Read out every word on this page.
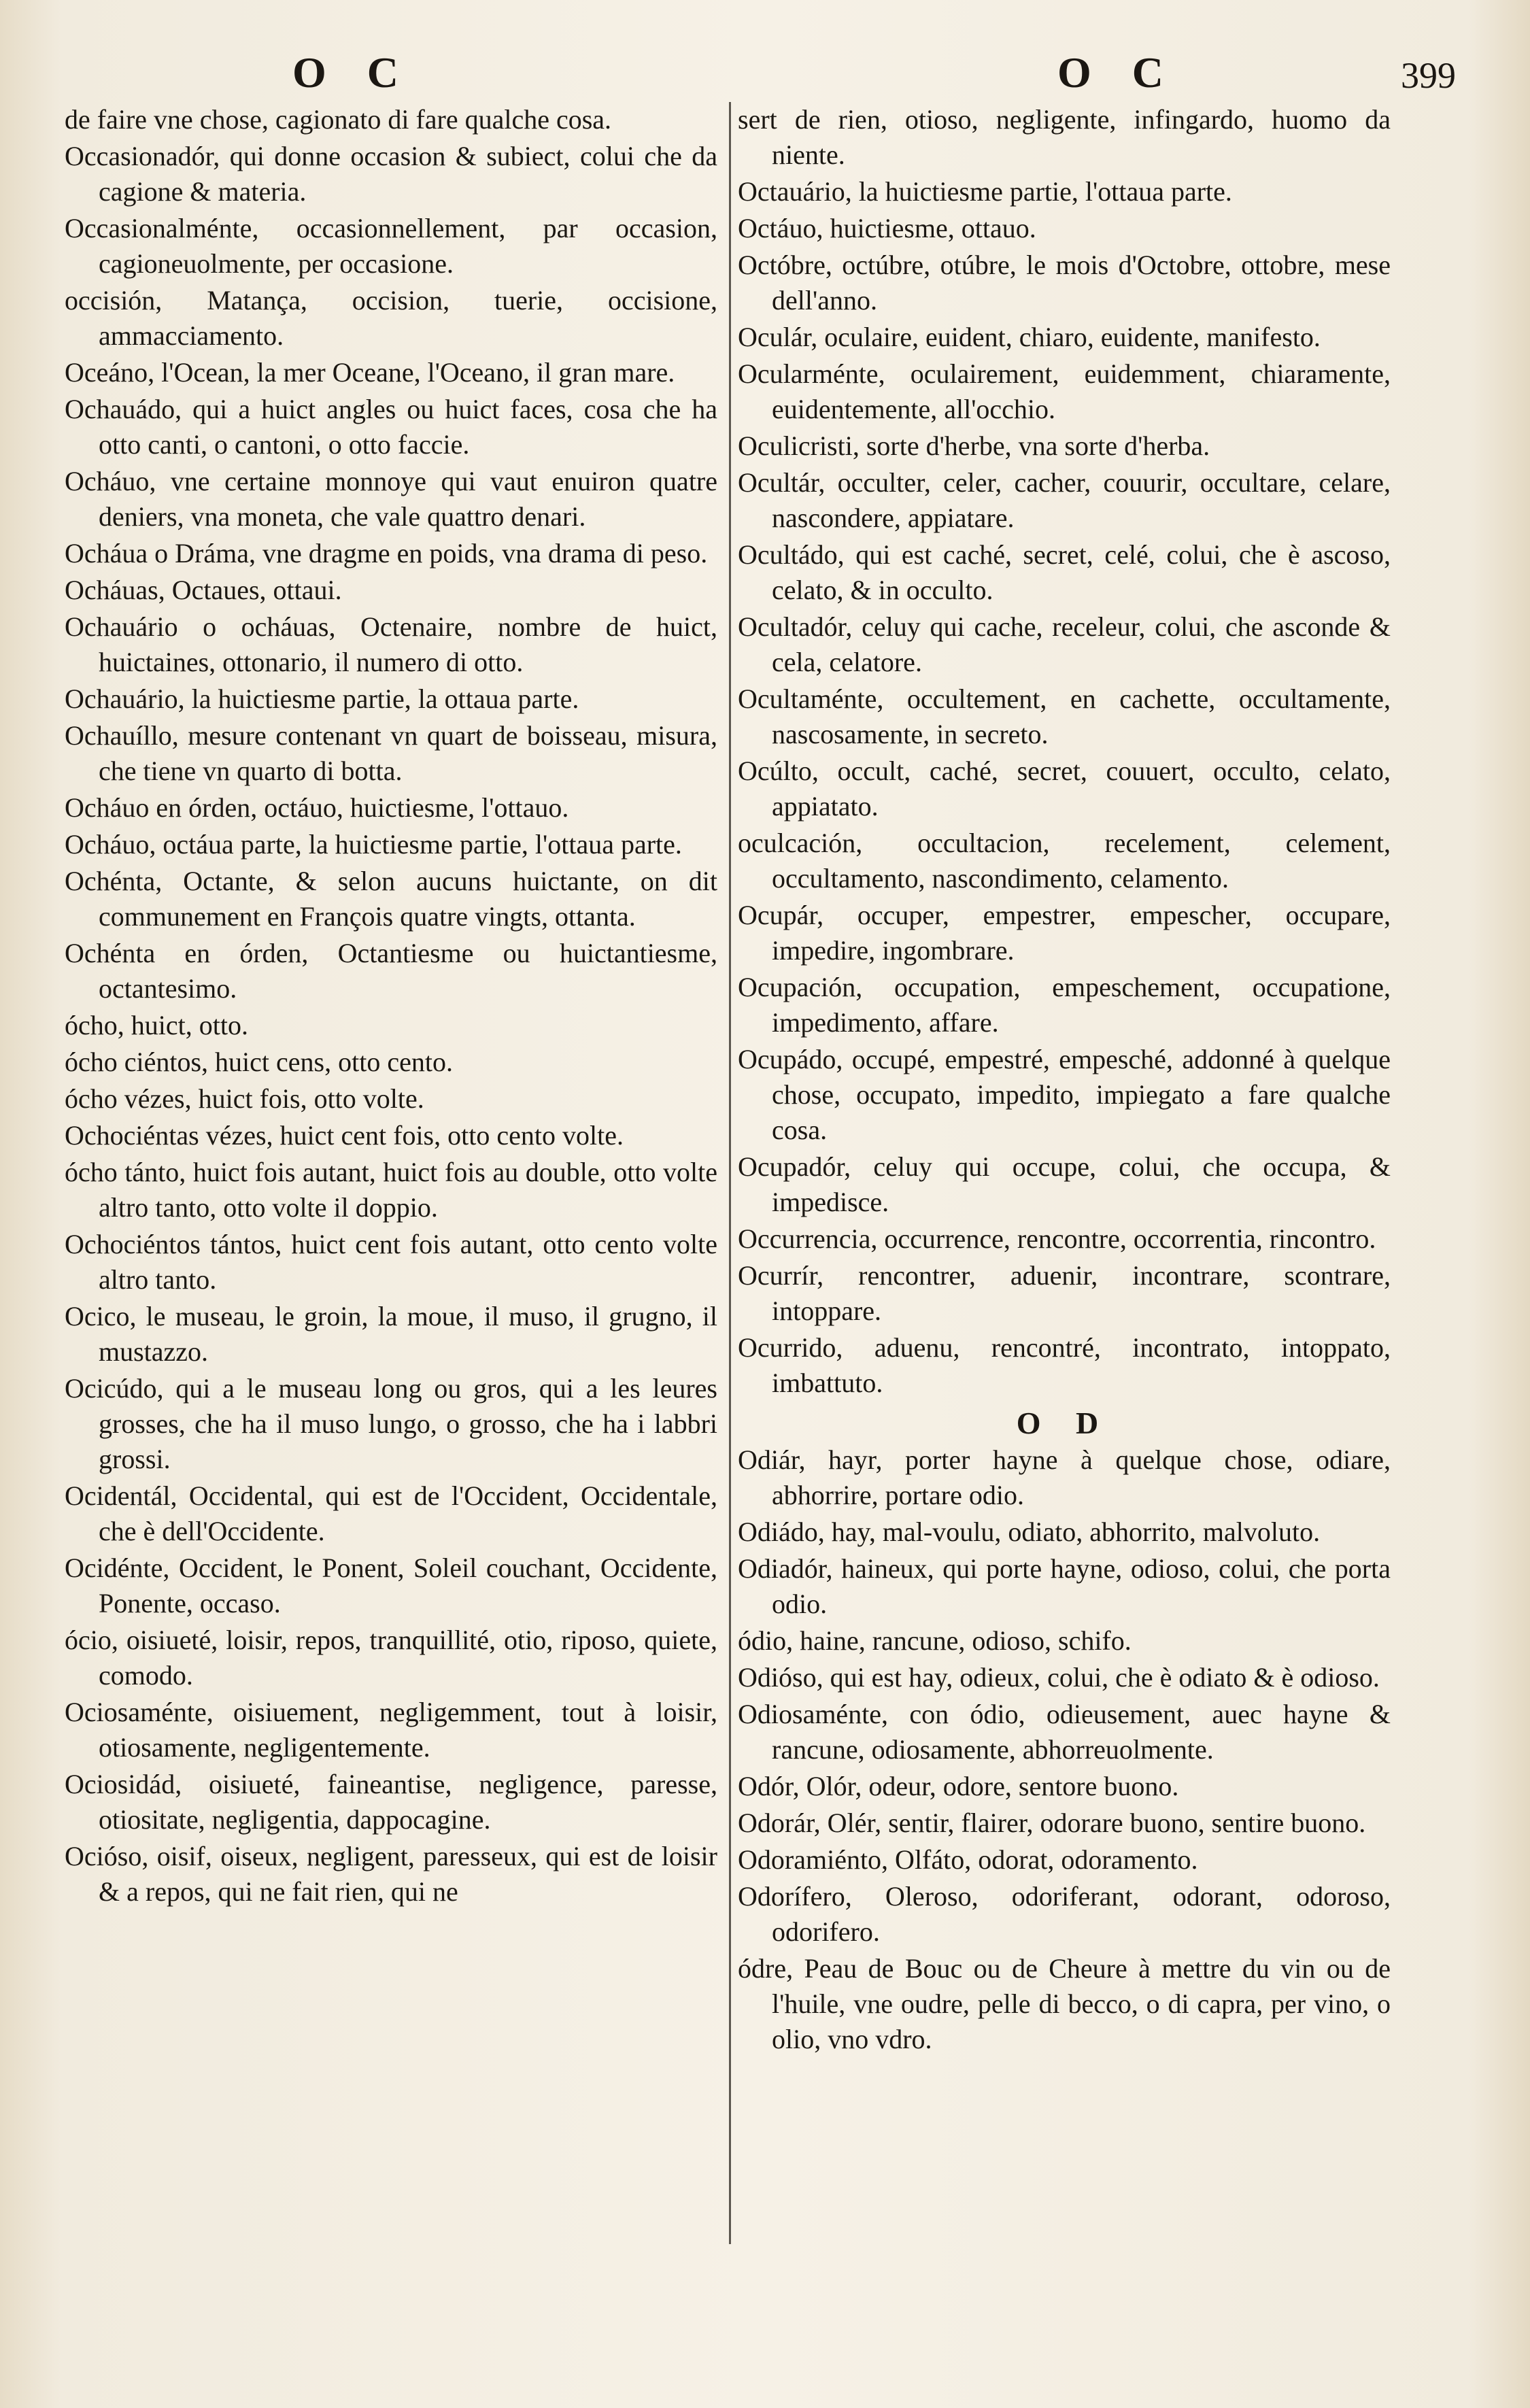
O C	O C	399

de faire vne chose, cagionato di fare qualche cosa.

Occasionadór, qui donne occasion & subiect, colui che da cagione & materia.

Occasionalménte, occasionnellement, par occasion, cagioneuolmente, per occasione.

occisión, Matança, occision, tuerie, occisione, ammacciamento.

Oceáno, l'Ocean, la mer Oceane, l'Oceano, il gran mare.

Ochauádo, qui a huict angles ou huict faces, cosa che ha otto canti, o cantoni, o otto faccie.

Ocháuo, vne certaine monnoye qui vaut enuiron quatre deniers, vna moneta, che vale quattro denari.

Ocháua o Dráma, vne dragme en poids, vna drama di peso.

Ocháuas, Octaues, ottaui.

Ochauário o ocháuas, Octenaire, nombre de huict, huictaines, ottonario, il numero di otto.

Ochauário, la huictiesme partie, la ottaua parte.

Ochauíllo, mesure contenant vn quart de boisseau, misura, che tiene vn quarto di botta.

Ocháuo en órden, octáuo, huictiesme, l'ottauo.

Ocháuo, octáua parte, la huictiesme partie, l'ottaua parte.

Ochénta, Octante, & selon aucuns huictante, on dit communement en François quatre vingts, ottanta.

Ochénta en órden, Octantiesme ou huictantiesme, octantesimo.

ócho, huict, otto.

ócho ciéntos, huict cens, otto cento.

ócho vézes, huict fois, otto volte.

Ochociéntas vézes, huict cent fois, otto cento volte.

ócho tánto, huict fois autant, huict fois au double, otto volte altro tanto, otto volte il doppio.

Ochociéntos tántos, huict cent fois autant, otto cento volte altro tanto.

Ocico, le museau, le groin, la moue, il muso, il grugno, il mustazzo.

Ocicúdo, qui a le museau long ou gros, qui a les leures grosses, che ha il muso lungo, o grosso, che ha i labbri grossi.

Ocidentál, Occidental, qui est de l'Occident, Occidentale, che è dell'Occidente.

Ocidénte, Occident, le Ponent, Soleil couchant, Occidente, Ponente, occaso.

ócio, oisiueté, loisir, repos, tranquillité, otio, riposo, quiete, comodo.

Ociosaménte, oisiuement, negligemment, tout à loisir, otiosamente, negligentemente.

Ociosidád, oisiueté, faineantise, negligence, paresse, otiositate, negligentia, dappocagine.

Ocióso, oisif, oiseux, negligent, paresseux, qui est de loisir & a repos, qui ne fait rien, qui ne

sert de rien, otioso, negligente, infingardo, huomo da niente.

Octauário, la huictiesme partie, l'ottaua parte.

Octáuo, huictiesme, ottauo.

Octóbre, octúbre, otúbre, le mois d'Octobre, ottobre, mese dell'anno.

Oculár, oculaire, euident, chiaro, euidente, manifesto.

Ocularménte, oculairement, euidemment, chiaramente, euidentemente, all'occhio.

Oculicristi, sorte d'herbe, vna sorte d'herba.

Ocultár, occulter, celer, cacher, couurir, occultare, celare, nascondere, appiatare.

Ocultádo, qui est caché, secret, celé, colui, che è ascoso, celato, & in occulto.

Ocultadór, celuy qui cache, receleur, colui, che asconde & cela, celatore.

Ocultaménte, occultement, en cachette, occultamente, nascosamente, in secreto.

Ocúlto, occult, caché, secret, couuert, occulto, celato, appiatato.

oculcación, occultacion, recelement, celement, occultamento, nascondimento, celamento.

Ocupár, occuper, empestrer, empescher, occupare, impedire, ingombrare.

Ocupación, occupation, empeschement, occupatione, impedimento, affare.

Ocupádo, occupé, empestré, empesché, addonné à quelque chose, occupato, impedito, impiegato a fare qualche cosa.

Ocupadór, celuy qui occupe, colui, che occupa, & impedisce.

Occurrencia, occurrence, rencontre, occorrentia, rincontro.

Ocurrír, rencontrer, aduenir, incontrare, scontrare, intoppare.

Ocurrido, aduenu, rencontré, incontrato, intoppato, imbattuto.

O D

Odiár, hayr, porter hayne à quelque chose, odiare, abhorrire, portare odio.

Odiádo, hay, mal-voulu, odiato, abhorrito, malvoluto.

Odiadór, haineux, qui porte hayne, odioso, colui, che porta odio.

ódio, haine, rancune, odioso, schifo.

Odióso, qui est hay, odieux, colui, che è odiato & è odioso.

Odiosaménte, con ódio, odieusement, auec hayne & rancune, odiosamente, abhorreuolmente.

Odór, Olór, odeur, odore, sentore buono.

Odorár, Olér, sentir, flairer, odorare buono, sentire buono.

Odoramiénto, Olfáto, odorat, odoramento.

Odorífero, Oleroso, odoriferant, odorant, odoroso, odorifero.

ódre, Peau de Bouc ou de Cheure à mettre du vin ou de l'huile, vne oudre, pelle di becco, o di capra, per vino, o olio, vno vdro.
